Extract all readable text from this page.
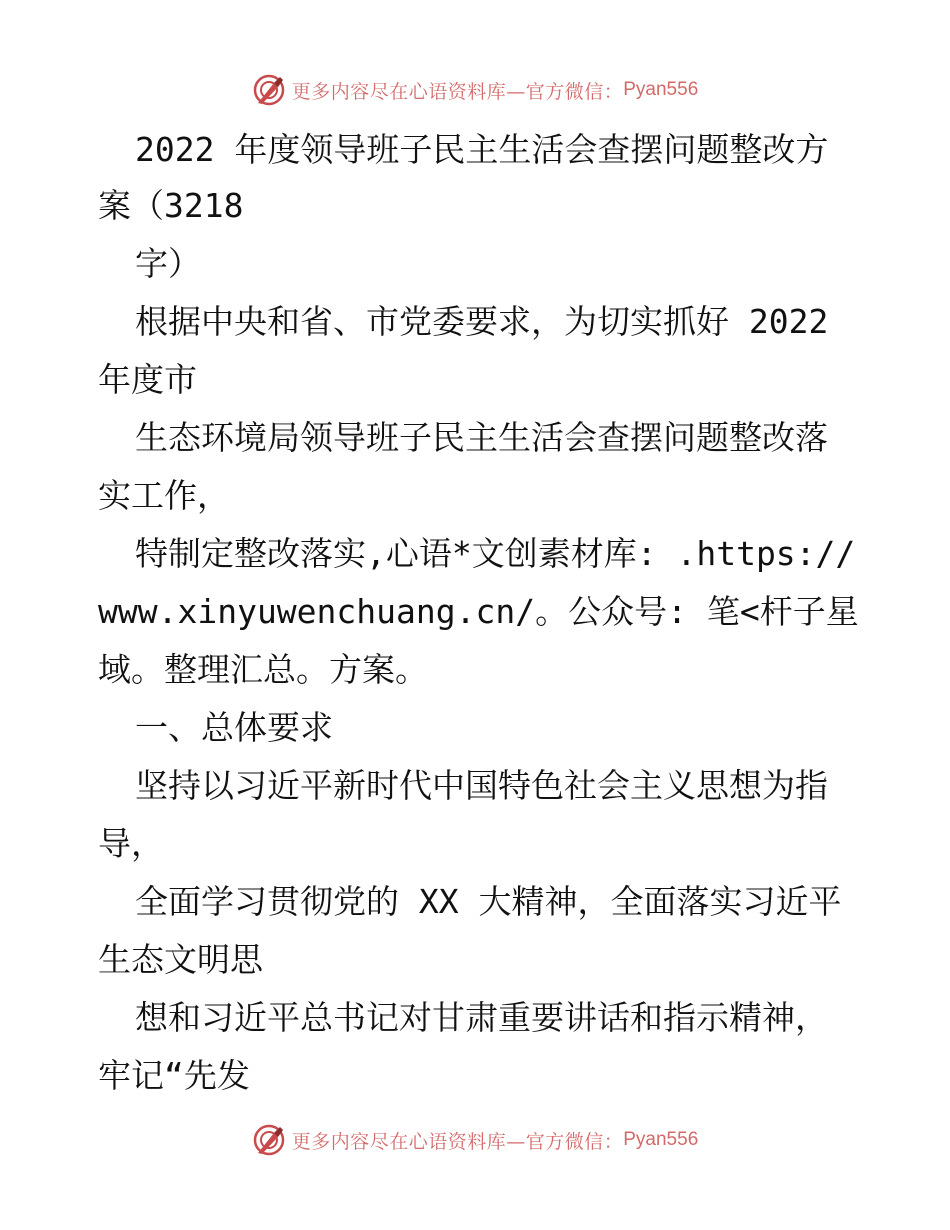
更多内容尽在心语资料库—官方微信： Pyan556
2022 年度领导班子民主生活会查摆问题整改方
案（3218
字）
根据中央和省、市党委要求，为切实抓好 2022
年度市
生态环境局领导班子民主生活会查摆问题整改落
实工作，
特制定整改落实,心语*文创素材库: .https://
www.xinyuwenchuang.cn/。公众号: 笔<杆子星
域。整理汇总。方案。
一、总体要求
坚持以习近平新时代中国特色社会主义思想为指
导，
全面学习贯彻党的 XX 大精神，全面落实习近平
生态文明思
想和习近平总书记对甘肃重要讲话和指示精神，
牢记“先发
更多内容尽在心语资料库—官方微信： Pyan556
